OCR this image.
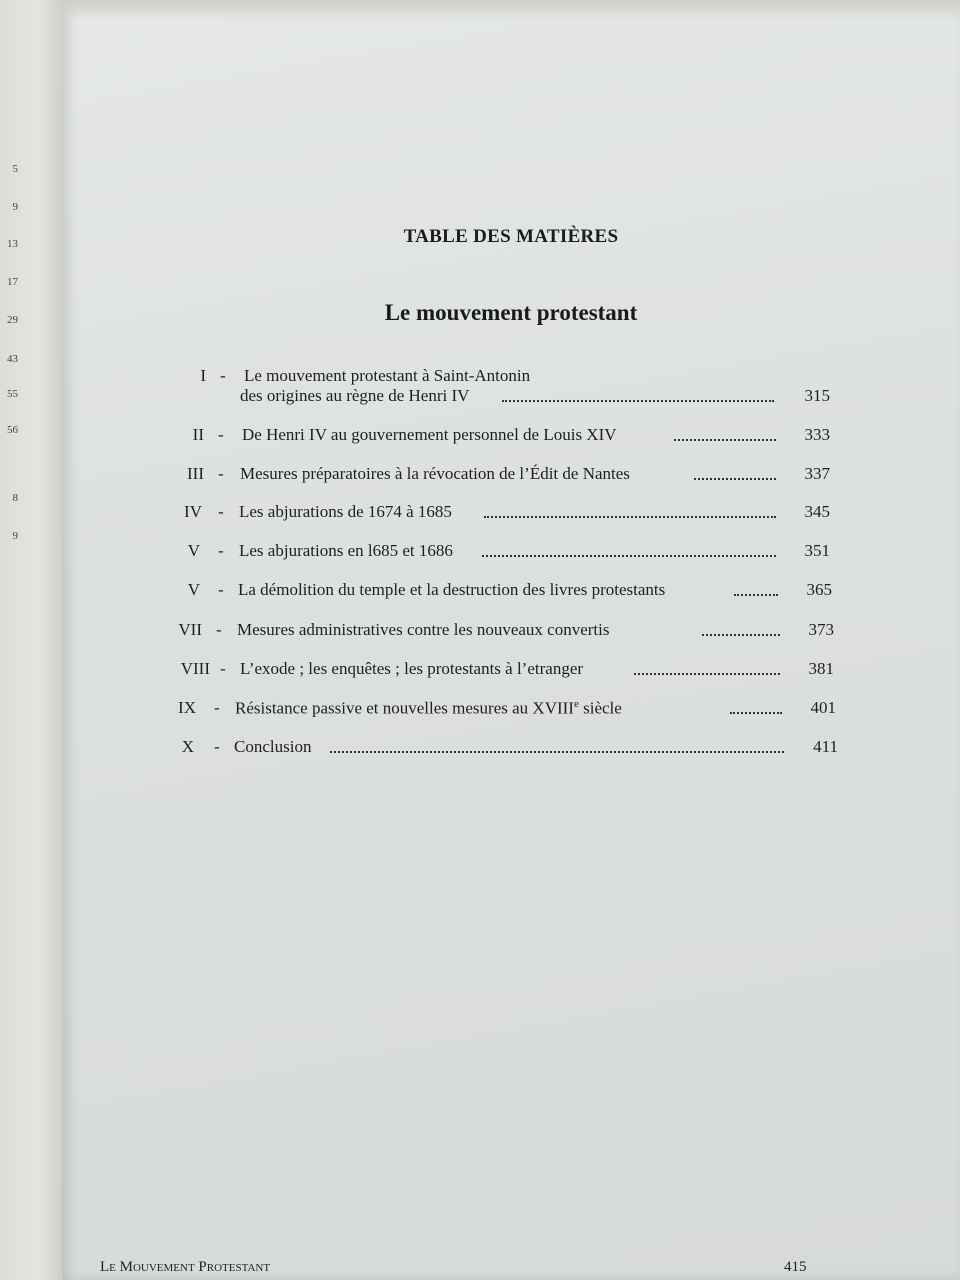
5
9
13
17
29
43
55
56
8
9
TABLE DES MATIÈRES
Le mouvement protestant
I - Le mouvement protestant à Saint-Antonin
des origines au règne de Henri IV	315
II - De Henri IV au gouvernement personnel de Louis XIV	333
III - Mesures préparatoires à la révocation de l’Édit de Nantes	337
IV - Les abjurations de 1674 à 1685	345
V - Les abjurations en l685 et 1686	351
V - La démolition du temple et la destruction des livres protestants	365
VII - Mesures administratives contre les nouveaux convertis	373
VIII - L’exode ; les enquêtes ; les protestants à l’etranger	381
IX - Résistance passive et nouvelles mesures au XVIIIe siècle	401
X - Conclusion	411
Le Mouvement Protestant	415
